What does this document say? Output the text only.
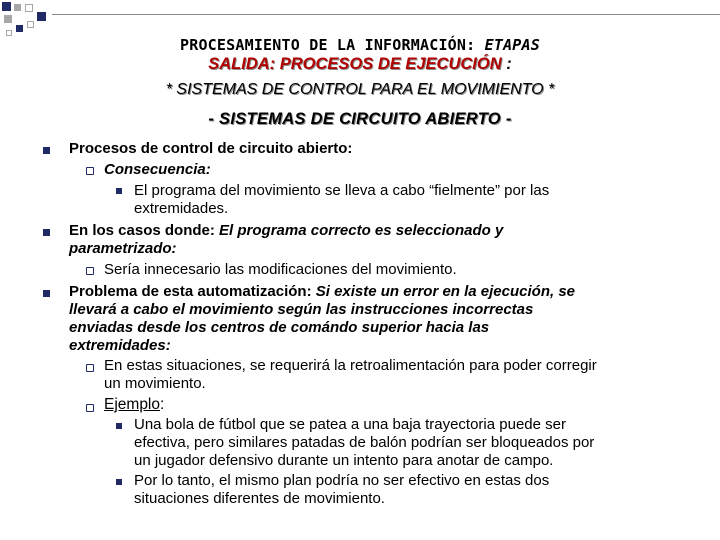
PROCESAMIENTO DE LA INFORMACIÓN: ETAPAS
SALIDA: PROCESOS DE EJECUCIÓN :
* SISTEMAS DE CONTROL PARA EL MOVIMIENTO *
- SISTEMAS DE CIRCUITO ABIERTO -
Procesos de control de circuito abierto:
Consecuencia:
El programa del movimiento se lleva a cabo “fielmente” por las
extremidades.
En los casos donde: El programa correcto es seleccionado y
parametrizado:
Sería innecesario las modificaciones del movimiento.
Problema de esta automatización: Si existe un error en la ejecución, se
llevará a cabo el movimiento según las instrucciones incorrectas
enviadas desde los centros de comándo superior hacia las
extremidades:
En estas situaciones, se requerirá la retroalimentación para poder corregir
un movimiento.
Ejemplo:
Una bola de fútbol que se patea a una baja trayectoria puede ser
efectiva, pero similares patadas de balón podrían ser bloqueados por
un jugador defensivo durante un intento para anotar de campo.
Por lo tanto, el mismo plan podría no ser efectivo en estas dos
situaciones diferentes de movimiento.
